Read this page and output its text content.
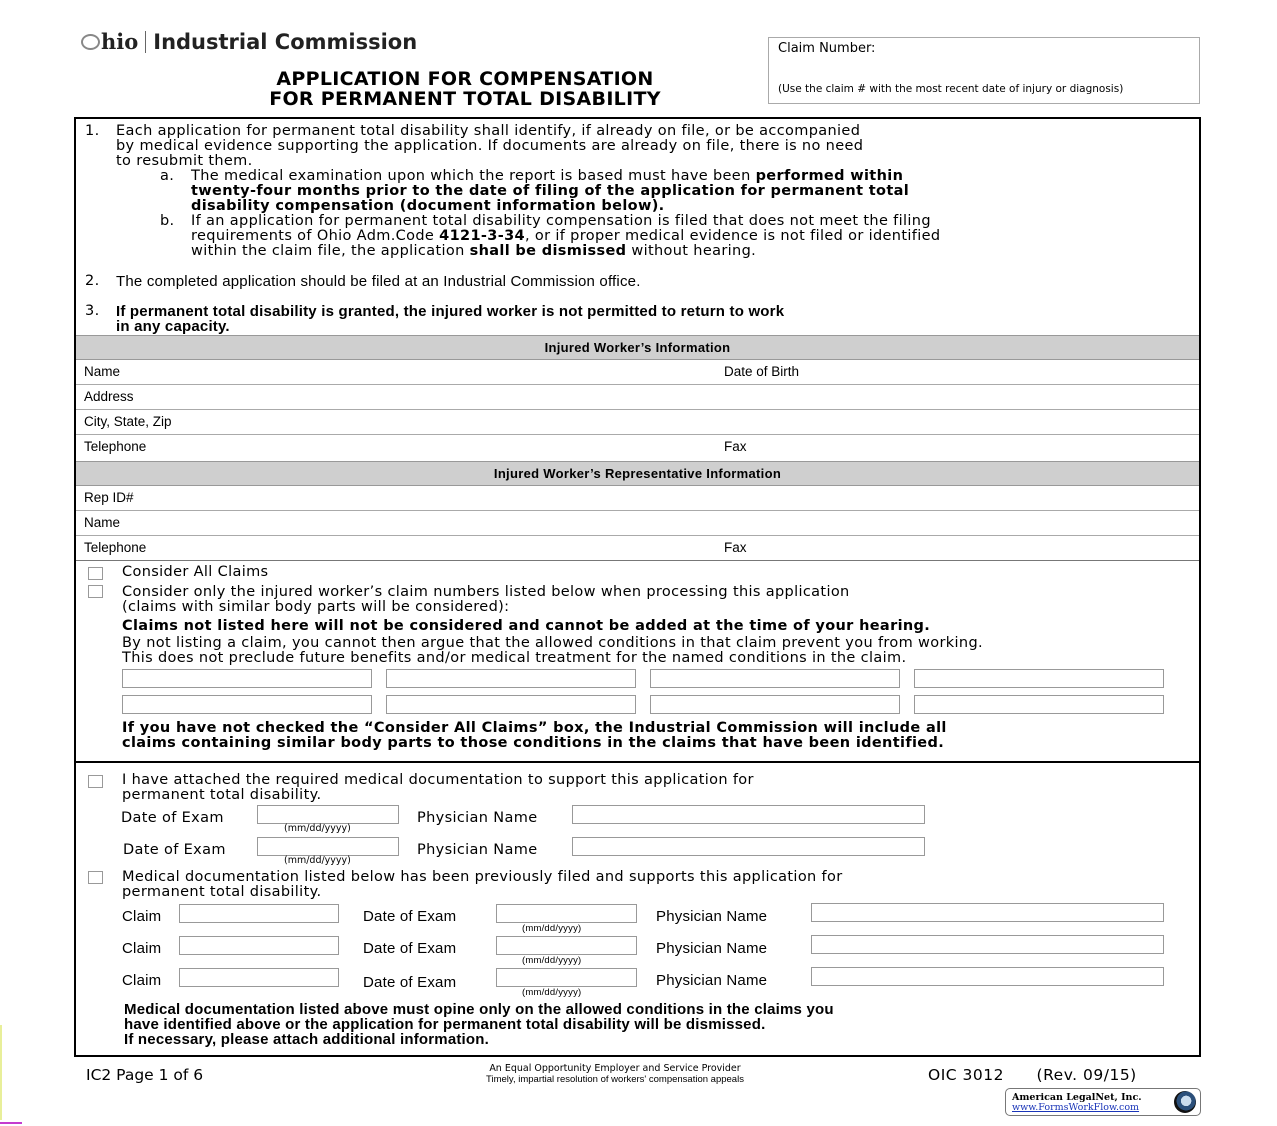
hio Industrial Commission
APPLICATION FOR COMPENSATION
FOR PERMANENT TOTAL DISABILITY
Claim Number:
(Use the claim # with the most recent date of injury or diagnosis)
1. Each application for permanent total disability shall identify, if already on file, or be accompanied
by medical evidence supporting the application. If documents are already on file, there is no need
to resubmit them.
a. The medical examination upon which the report is based must have been performed within
twenty-four months prior to the date of filing of the application for permanent total
disability compensation (document information below).
b. If an application for permanent total disability compensation is filed that does not meet the filing
requirements of Ohio Adm.Code 4121-3-34, or if proper medical evidence is not filed or identified
within the claim file, the application shall be dismissed without hearing.
2. The completed application should be filed at an Industrial Commission office.
3. If permanent total disability is granted, the injured worker is not permitted to return to work
in any capacity.
Injured Worker’s Information
Name	Date of Birth
Address
City, State, Zip
Telephone	Fax
Injured Worker’s Representative Information
Rep ID#
Name
Telephone	Fax
Consider All Claims
Consider only the injured worker’s claim numbers listed below when processing this application
(claims with similar body parts will be considered):
Claims not listed here will not be considered and cannot be added at the time of your hearing.
By not listing a claim, you cannot then argue that the allowed conditions in that claim prevent you from working.
This does not preclude future benefits and/or medical treatment for the named conditions in the claim.
If you have not checked the “Consider All Claims” box, the Industrial Commission will include all
claims containing similar body parts to those conditions in the claims that have been identified.
I have attached the required medical documentation to support this application for
permanent total disability.
Date of Exam
(mm/dd/yyyy)
Physician Name
Date of Exam
(mm/dd/yyyy)
Physician Name
Medical documentation listed below has been previously filed and supports this application for
permanent total disability.
Claim	Date of Exam
(mm/dd/yyyy)
Physician Name
Claim	Date of Exam
(mm/dd/yyyy)
Physician Name
Claim	Date of Exam
(mm/dd/yyyy)
Physician Name
Medical documentation listed above must opine only on the allowed conditions in the claims you
have identified above or the application for permanent total disability will be dismissed.
If necessary, please attach additional information.
IC2 Page 1 of 6	An Equal Opportunity Employer and Service Provider
Timely, impartial resolution of workers' compensation appeals	OIC 3012 (Rev. 09/15)
American LegalNet, Inc.
www.FormsWorkFlow.com
